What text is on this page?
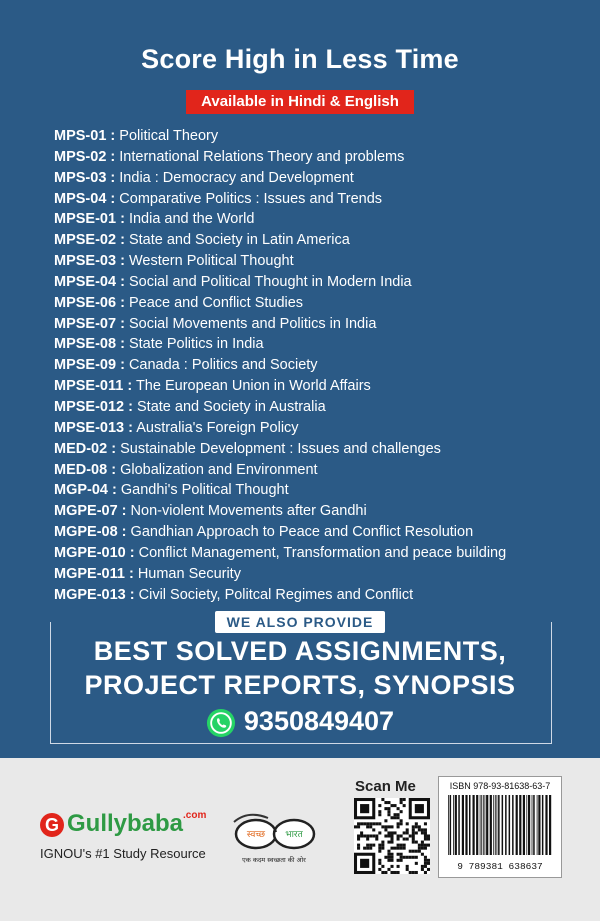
Score High in Less Time
Available in Hindi & English
MPS-01 : Political Theory
MPS-02 : International Relations Theory and problems
MPS-03 : India : Democracy and Development
MPS-04 : Comparative Politics : Issues and Trends
MPSE-01 : India and the World
MPSE-02 : State and Society in Latin America
MPSE-03 : Western Political Thought
MPSE-04 : Social and Political Thought in Modern India
MPSE-06 : Peace and Conflict Studies
MPSE-07 : Social Movements and Politics in India
MPSE-08 : State Politics in India
MPSE-09 : Canada : Politics and Society
MPSE-011 : The European Union in World Affairs
MPSE-012 : State and Society in Australia
MPSE-013 : Australia's Foreign Policy
MED-02 : Sustainable Development : Issues and challenges
MED-08 : Globalization and Environment
MGP-04 : Gandhi's Political Thought
MGPE-07 : Non-violent Movements after Gandhi
MGPE-08 : Gandhian Approach to Peace and Conflict Resolution
MGPE-010 : Conflict Management, Transformation and peace building
MGPE-011 : Human Security
MGPE-013 : Civil Society, Politcal Regimes and Conflict
WE ALSO PROVIDE
BEST SOLVED ASSIGNMENTS,
PROJECT REPORTS, SYNOPSIS
9350849407
G Gullybaba$^{.com}$
IGNOU's #1 Study Resource
स्वच्छ भारत
एक कदम स्वच्छता की ओर
Scan Me	ISBN 978-93-81638-63-7
9 789381 638637
